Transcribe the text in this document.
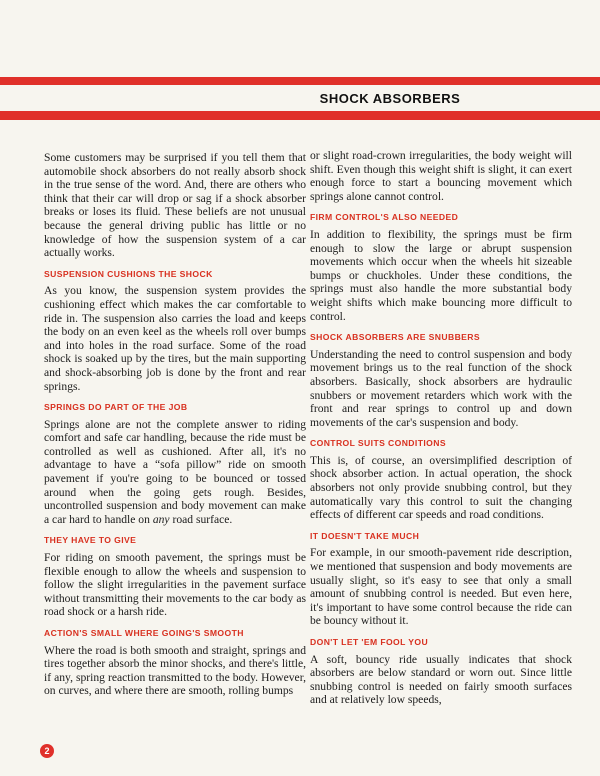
SHOCK ABSORBERS

Some customers may be surprised if you tell them that automobile shock absorbers do not really absorb shock in the true sense of the word. And, there are others who think that their car will drop or sag if a shock absorber breaks or loses its fluid. These beliefs are not unusual because the general driving public has little or no knowledge of how the suspension system of a car actually works.

SUSPENSION CUSHIONS THE SHOCK

As you know, the suspension system provides the cushioning effect which makes the car comfortable to ride in. The suspension also carries the load and keeps the body on an even keel as the wheels roll over bumps and into holes in the road surface. Some of the road shock is soaked up by the tires, but the main supporting and shock-absorbing job is done by the front and rear springs.

SPRINGS DO PART OF THE JOB

Springs alone are not the complete answer to riding comfort and safe car handling, because the ride must be controlled as well as cushioned. After all, it's no advantage to have a “sofa pillow” ride on smooth pavement if you're going to be bounced or tossed around when the going gets rough. Besides, uncontrolled suspension and body movement can make a car hard to handle on any road surface.

THEY HAVE TO GIVE

For riding on smooth pavement, the springs must be flexible enough to allow the wheels and suspension to follow the slight irregularities in the pavement surface without transmitting their movements to the car body as road shock or a harsh ride.

ACTION'S SMALL WHERE GOING'S SMOOTH

Where the road is both smooth and straight, springs and tires together absorb the minor shocks, and there's little, if any, spring reaction transmitted to the body. However, on curves, and where there are smooth, rolling bumps

or slight road-crown irregularities, the body weight will shift. Even though this weight shift is slight, it can exert enough force to start a bouncing movement which springs alone cannot control.

FIRM CONTROL'S ALSO NEEDED

In addition to flexibility, the springs must be firm enough to slow the large or abrupt suspension movements which occur when the wheels hit sizeable bumps or chuckholes. Under these conditions, the springs must also handle the more substantial body weight shifts which make bouncing more difficult to control.

SHOCK ABSORBERS ARE SNUBBERS

Understanding the need to control suspension and body movement brings us to the real function of the shock absorbers. Basically, shock absorbers are hydraulic snubbers or movement retarders which work with the front and rear springs to control up and down movements of the car's suspension and body.

CONTROL SUITS CONDITIONS

This is, of course, an oversimplified description of shock absorber action. In actual operation, the shock absorbers not only provide snubbing control, but they automatically vary this control to suit the changing effects of different car speeds and road conditions.

IT DOESN'T TAKE MUCH

For example, in our smooth-pavement ride description, we mentioned that suspension and body movements are usually slight, so it's easy to see that only a small amount of snubbing control is needed. But even here, it's important to have some control because the ride can be bouncy without it.

DON'T LET 'EM FOOL YOU

A soft, bouncy ride usually indicates that shock absorbers are below standard or worn out. Since little snubbing control is needed on fairly smooth surfaces and at relatively low speeds,

2
